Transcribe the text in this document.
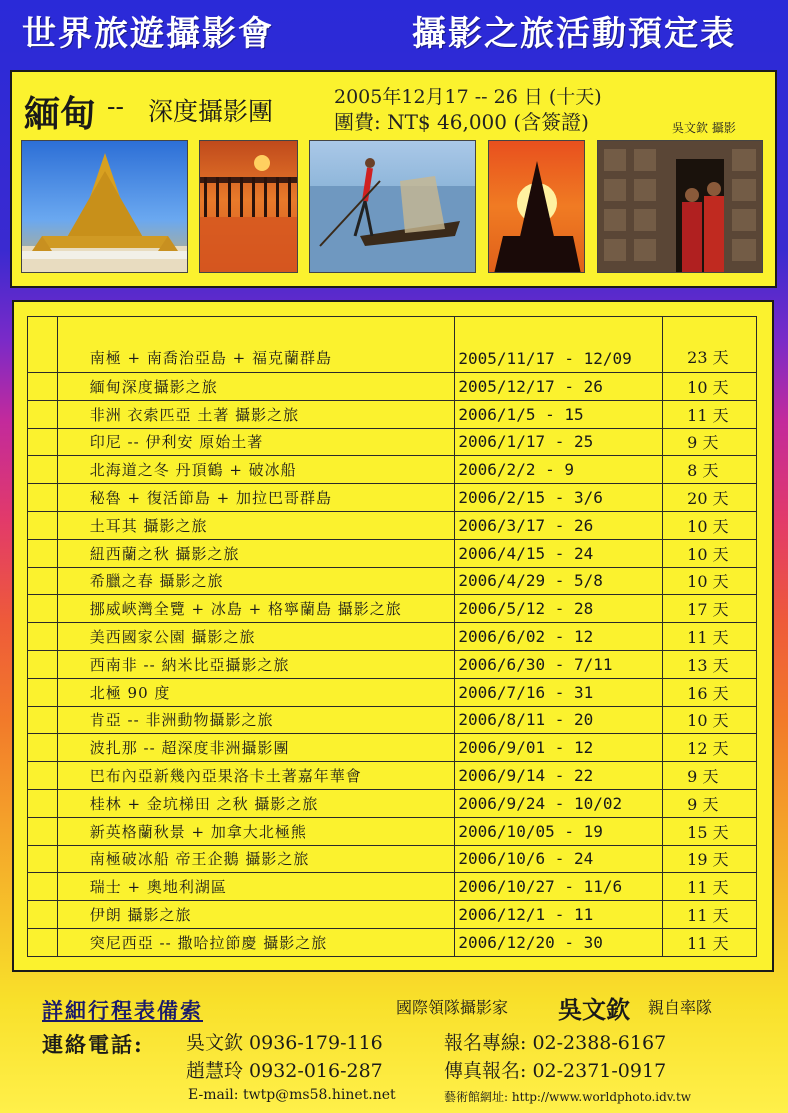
世界旅遊攝影會	攝影之旅活動預定表
緬甸 -- 深度攝影團	2005年12月17 -- 26 日 (十天)
團費: NT$ 46,000 (含簽證)	吳文欽 攝影
	南極 + 南喬治亞島 + 福克蘭群島	2005/11/17 - 12/09	23 天
	緬甸深度攝影之旅	2005/12/17 - 26	10 天
	非洲 衣索匹亞 土著 攝影之旅	2006/1/5 - 15	11 天
	印尼 -- 伊利安 原始土著	2006/1/17 - 25	9 天
	北海道之冬 丹頂鶴 + 破冰船	2006/2/2 - 9	8 天
	秘魯 + 復活節島 + 加拉巴哥群島	2006/2/15 - 3/6	20 天
	土耳其 攝影之旅	2006/3/17 - 26	10 天
	紐西蘭之秋 攝影之旅	2006/4/15 - 24	10 天
	希臘之春 攝影之旅	2006/4/29 - 5/8	10 天
	挪威峽灣全覽 + 冰島 + 格寧蘭島 攝影之旅	2006/5/12 - 28	17 天
	美西國家公園 攝影之旅	2006/6/02 - 12	11 天
	西南非 -- 納米比亞攝影之旅	2006/6/30 - 7/11	13 天
	北極 90 度	2006/7/16 - 31	16 天
	肯亞 -- 非洲動物攝影之旅	2006/8/11 - 20	10 天
	波扎那 -- 超深度非洲攝影團	2006/9/01 - 12	12 天
	巴布內亞新幾內亞果洛卡土著嘉年華會	2006/9/14 - 22	9 天
	桂林 + 金坑梯田 之秋 攝影之旅	2006/9/24 - 10/02	9 天
	新英格蘭秋景 + 加拿大北極熊	2006/10/05 - 19	15 天
	南極破冰船 帝王企鵝 攝影之旅	2006/10/6 - 24	19 天
	瑞士 + 奧地利湖區	2006/10/27 - 11/6	11 天
	伊朗 攝影之旅	2006/12/1 - 11	11 天
	突尼西亞 -- 撒哈拉節慶 攝影之旅	2006/12/20 - 30	11 天
詳細行程表備索	國際領隊攝影家 吳文欽 親自率隊
連絡電話: 吳文欽 0936-179-116
趙慧玲 0932-016-287
報名專線: 02-2388-6167
傳真報名: 02-2371-0917
E-mail: twtp@ms58.hinet.net	藝術館網址: http://www.worldphoto.idv.tw
